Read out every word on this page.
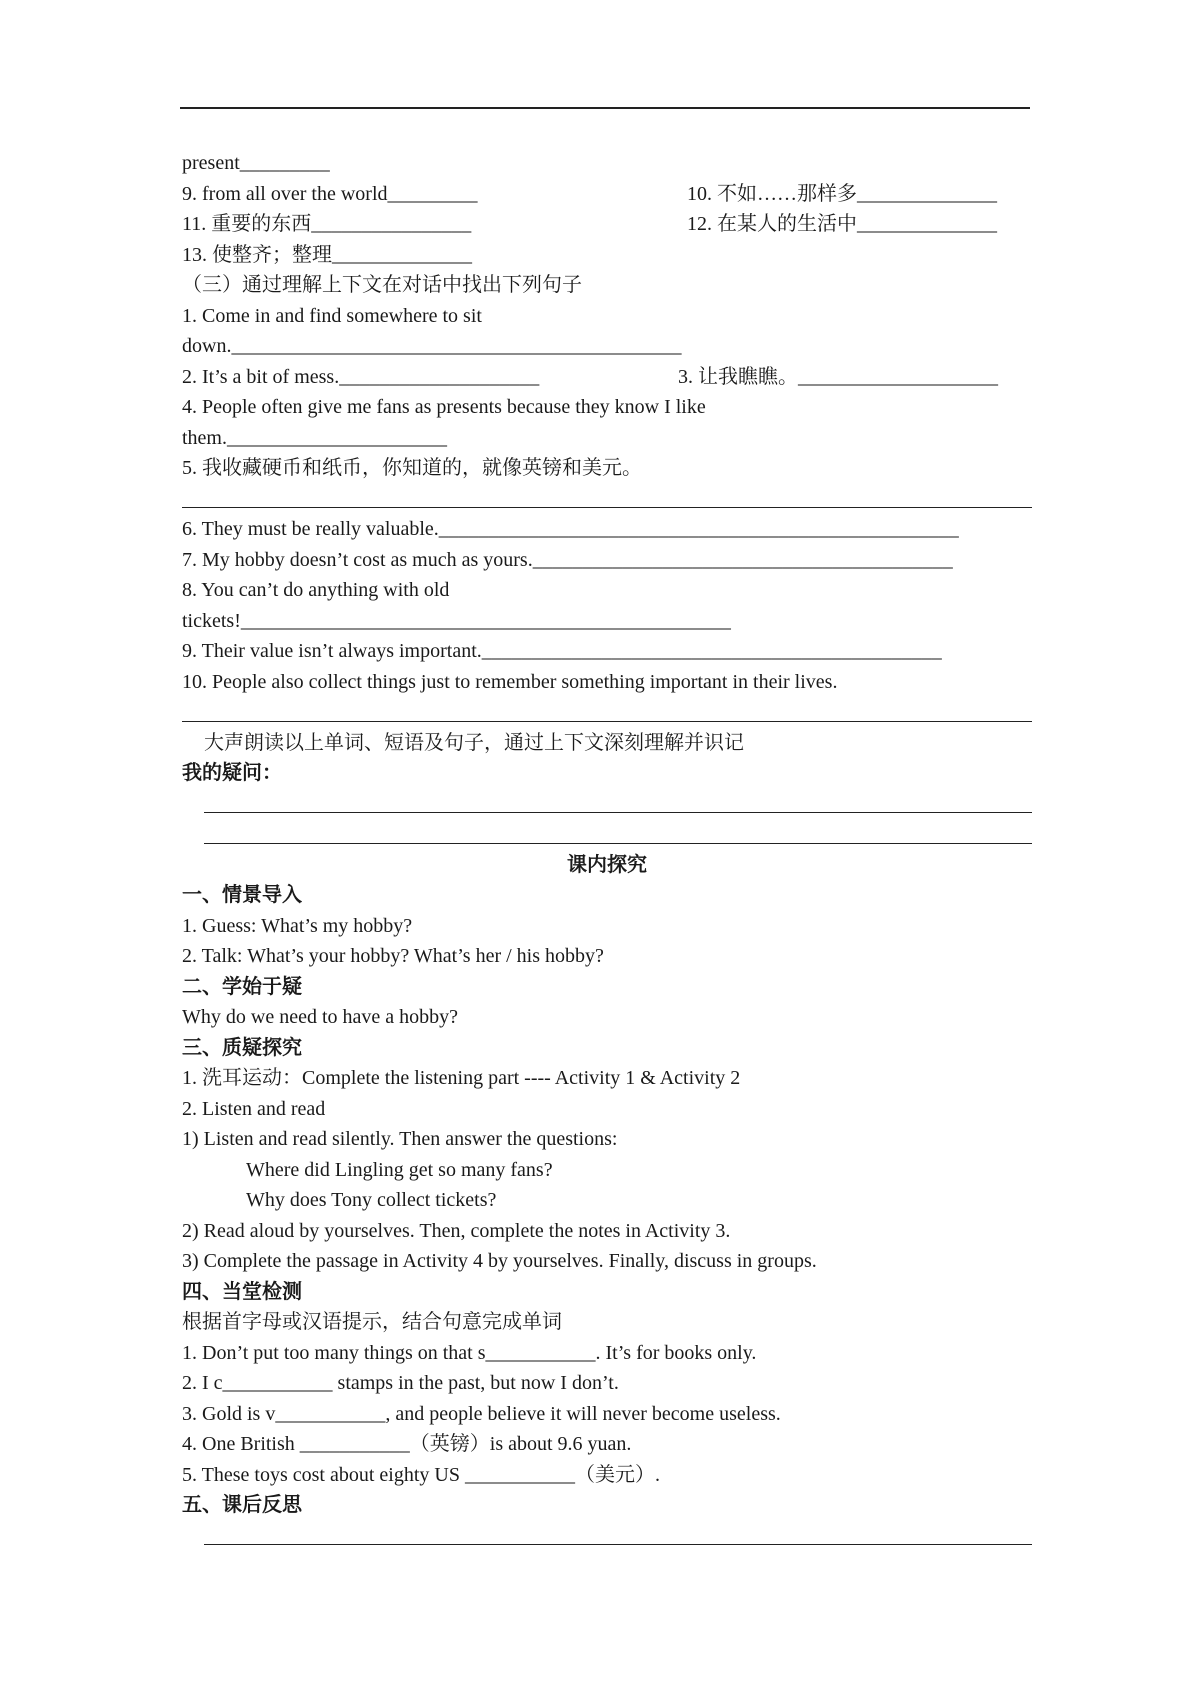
present_________
9. from all over the world_________	10. 不如……那样多______________
11. 重要的东西________________	12. 在某人的生活中______________
13. 使整齐；整理______________
（三）通过理解上下文在对话中找出下列句子
1. Come in and find somewhere to sit
down._____________________________________________
2. It’s a bit of mess.____________________	3. 让我瞧瞧。____________________
4. People often give me fans as presents because they know I like
them.______________________
5. 我收藏硬币和纸币，你知道的，就像英镑和美元。
6. They must be really valuable.____________________________________________________
7. My hobby doesn’t cost as much as yours.__________________________________________
8. You can’t do anything with old
tickets!_________________________________________________
9. Their value isn’t always important.______________________________________________
10. People also collect things just to remember something important in their lives.
大声朗读以上单词、短语及句子，通过上下文深刻理解并识记
我的疑问：
课内探究
一、情景导入
1. Guess: What’s my hobby?
2. Talk: What’s your hobby? What’s her / his hobby?
二、学始于疑
Why do we need to have a hobby?
三、质疑探究
1. 洗耳运动：Complete the listening part ---- Activity 1 & Activity 2
2. Listen and read
1) Listen and read silently. Then answer the questions:
Where did Lingling get so many fans?
Why does Tony collect tickets?
2) Read aloud by yourselves. Then, complete the notes in Activity 3.
3) Complete the passage in Activity 4 by yourselves. Finally, discuss in groups.
四、当堂检测
根据首字母或汉语提示，结合句意完成单词
1. Don’t put too many things on that s___________. It’s for books only.
2. I c___________ stamps in the past, but now I don’t.
3. Gold is v___________, and people believe it will never become useless.
4. One British ___________（英镑）is about 9.6 yuan.
5. These toys cost about eighty US ___________（美元）.
五、课后反思
